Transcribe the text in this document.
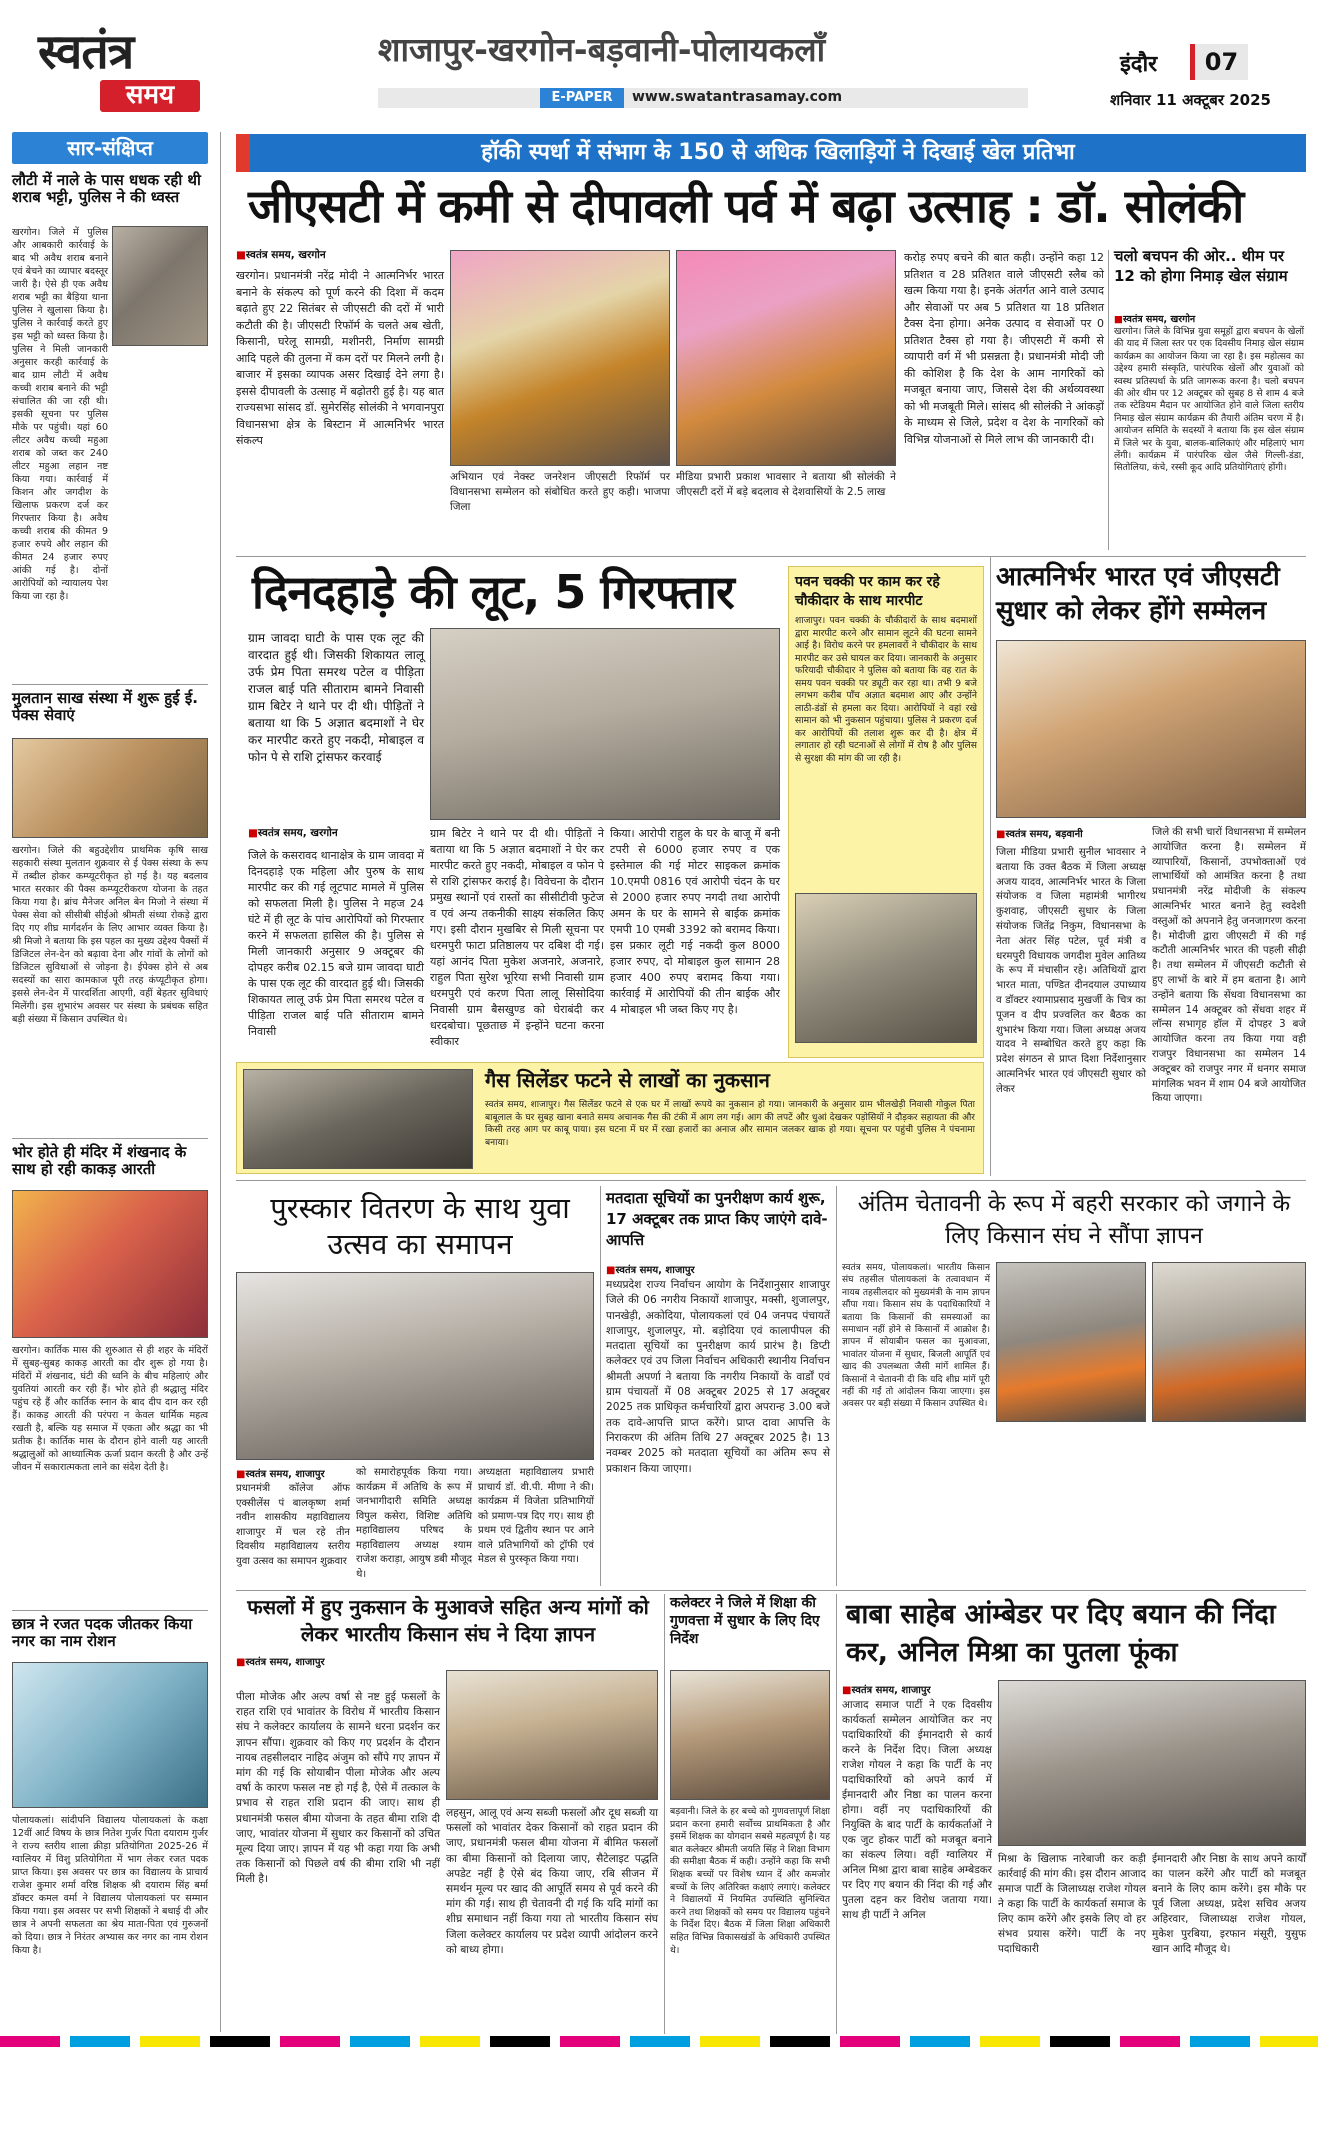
स्वतंत्र
समय
शाजापुर-खरगोन-बड़वानी-पोलायकलाँ
E-PAPER	www.swatantrasamay.com
इंदौर	07
शनिवार 11 अक्टूबर 2025
सार-संक्षिप्त
लौटी में नाले के पास धधक रही थी शराब भट्टी, पुलिस ने की ध्वस्त
खरगोन। जिले में पुलिस और आबकारी कार्रवाई के बाद भी अवैध शराब बनाने एवं बेचने का व्यापार बदस्तूर जारी है। ऐसे ही एक अवैध शराब भट्टी का बैड़िया थाना पुलिस ने खुलासा किया है। पुलिस ने कार्रवाई करते हुए इस भट्टी को ध्वस्त किया है। पुलिस ने मिली जानकारी अनुसार करही कार्रवाई के बाद ग्राम लौटी में अवैध कच्ची शराब बनाने की भट्टी संचालित की जा रही थी। इसकी सूचना पर पुलिस मौके पर पहुंची। यहां 60 लीटर अवैध कच्ची महुआ शराब को जब्त कर 240 लीटर महुआ लहान नष्ट किया गया। कार्रवाई में किशन और जगदीश के खिलाफ प्रकरण दर्ज कर गिरफ्तार किया है। अवैध कच्ची शराब की कीमत 9 हजार रुपये और लहान की कीमत 24 हजार रुपए आंकी गई है। दोनों आरोपियों को न्यायालय पेश किया जा रहा है।
मुलतान साख संस्था में शुरू हुई ई. पेक्स सेवाएं
खरगोन। जिले की बहुउद्देशीय प्राथमिक कृषि साख सहकारी संस्था मुलतान शुक्रवार से ई पेक्स संस्था के रूप में तब्दील होकर कम्प्यूटरीकृत हो गई है। यह बदलाव भारत सरकार की पैक्स कम्प्यूटरीकरण योजना के तहत किया गया है। ब्रांच मैनेजर अनिल बेन मिजो ने संस्था में पेक्स सेवा को सीसीबी सीईओ श्रीमती संध्या रोकड़े द्वारा दिए गए शीघ्र मार्गदर्शन के लिए आभार व्यक्त किया है। श्री मिजो ने बताया कि इस पहल का मुख्य उद्देश्य पैक्सों में डिजिटल लेन-देन को बढ़ावा देना और गांवों के लोगों को डिजिटल सुविधाओं से जोड़ना है। ईपेक्स होने से अब सदस्यों का सारा कामकाज पूरी तरह कंप्यूटीकृत होगा। इससे लेन-देन में पारदर्शिता आएगी, वहीं बेहतर सुविधाएं मिलेंगी। इस शुभारंभ अवसर पर संस्था के प्रबंधक सहित बड़ी संख्या में किसान उपस्थित थे।
भोर होते ही मंदिर में शंखनाद के साथ हो रही काकड़ आरती
खरगोन। कार्तिक मास की शुरुआत से ही शहर के मंदिरों में सुबह-सुबह काकड़ आरती का दौर शुरू हो गया है। मंदिरों में शंखनाद, घंटी की ध्वनि के बीच महिलाएं और युवतियां आरती कर रही हैं। भोर होते ही श्रद्धालु मंदिर पहुंच रहे हैं और कार्तिक स्नान के बाद दीप दान कर रही हैं। काकड़ आरती की परंपरा न केवल धार्मिक महत्व रखती है, बल्कि यह समाज में एकता और श्रद्धा का भी प्रतीक है। कार्तिक मास के दौरान होने वाली यह आरती श्रद्धालुओं को आध्यात्मिक ऊर्जा प्रदान करती है और उन्हें जीवन में सकारात्मकता लाने का संदेश देती है।
छात्र ने रजत पदक जीतकर किया नगर का नाम रोशन
पोलायकलां। सांदीपनि विद्यालय पोलायकलां के कक्षा 12वीं आर्ट विषय के छात्र नितेश गुर्जर पिता दयाराम गुर्जर ने राज्य स्तरीय शाला क्रीड़ा प्रतियोगिता 2025-26 में ग्वालियर में विशु प्रतियोगिता में भाग लेकर रजत पदक प्राप्त किया। इस अवसर पर छात्र का विद्यालय के प्राचार्य राजेश कुमार शर्मा वरिष्ठ शिक्षक श्री दयाराम सिंह बर्मा डॉक्टर कमल वर्मा ने विद्यालय पोलायकलां पर सम्मान किया गया। इस अवसर पर सभी शिक्षकों ने बधाई दी और छात्र ने अपनी सफलता का श्रेय माता-पिता एवं गुरुजनों को दिया। छात्र ने निरंतर अभ्यास कर नगर का नाम रोशन किया है।
हॉकी स्पर्धा में संभाग के 150 से अधिक खिलाड़ियों ने दिखाई खेल प्रतिभा
जीएसटी में कमी से दीपावली पर्व में बढ़ा उत्साह : डॉ. सोलंकी
■ स्वतंत्र समय, खरगोन
खरगोन। प्रधानमंत्री नरेंद्र मोदी ने आत्मनिर्भर भारत बनाने के संकल्प को पूर्ण करने की दिशा में कदम बढ़ाते हुए 22 सितंबर से जीएसटी की दरों में भारी कटौती की है। जीएसटी रिफॉर्म के चलते अब खेती, किसानी, घरेलू सामग्री, मशीनरी, निर्माण सामग्री आदि पहले की तुलना में कम दरों पर मिलने लगी है। बाजार में इसका व्यापक असर दिखाई देने लगा है। इससे दीपावली के उत्साह में बढ़ोतरी हुई है। यह बात राज्यसभा सांसद डॉ. सुमेरसिंह सोलंकी ने भगवानपुरा विधानसभा क्षेत्र के बिस्टान में आत्मनिर्भर भारत संकल्प
अभियान एवं नेक्स्ट जनरेशन जीएसटी रिफॉर्म पर विधानसभा सम्मेलन को संबोधित करते हुए कही। भाजपा जिला
मीडिया प्रभारी प्रकाश भावसार ने बताया श्री सोलंकी ने जीएसटी दरों में बड़े बदलाव से देशवासियों के 2.5 लाख
करोड़ रुपए बचने की बात कही। उन्होंने कहा 12 प्रतिशत व 28 प्रतिशत वाले जीएसटी स्लैब को खत्म किया गया है। इनके अंतर्गत आने वाले उत्पाद और सेवाओं पर अब 5 प्रतिशत या 18 प्रतिशत टैक्स देना होगा। अनेक उत्पाद व सेवाओं पर 0 प्रतिशत टैक्स हो गया है। जीएसटी में कमी से व्यापारी वर्ग में भी प्रसन्नता है। प्रधानमंत्री मोदी जी की कोशिश है कि देश के आम नागरिकों को मजबूत बनाया जाए, जिससे देश की अर्थव्यवस्था को भी मजबूती मिले। सांसद श्री सोलंकी ने आंकड़ों के माध्यम से जिले, प्रदेश व देश के नागरिकों को विभिन्न योजनाओं से मिले लाभ की जानकारी दी।
चलो बचपन की ओर.. थीम पर 12 को होगा निमाड़ खेल संग्राम
■ स्वतंत्र समय, खरगोन
खरगोन। जिले के विभिन्न युवा समूहों द्वारा बचपन के खेलों की याद में जिला स्तर पर एक दिवसीय निमाड़ खेल संग्राम कार्यक्रम का आयोजन किया जा रहा है। इस महोत्सव का उद्देश्य हमारी संस्कृति, पारंपरिक खेलों और युवाओं को स्वस्थ प्रतिस्पर्धा के प्रति जागरूक करना है। चलो बचपन की ओर थीम पर 12 अक्टूबर को सुबह 8 से शाम 4 बजे तक स्टेडियम मैदान पर आयोजित होने वाले जिला स्तरीय निमाड़ खेल संग्राम कार्यक्रम की तैयारी अंतिम चरण में है। आयोजन समिति के सदस्यों ने बताया कि इस खेल संग्राम में जिले भर के युवा, बालक-बालिकाएं और महिलाएं भाग लेंगी। कार्यक्रम में पारंपरिक खेल जैसे गिल्ली-डंडा, सितोलिया, कंचे, रस्सी कूद आदि प्रतियोगिताएं होंगी।
दिनदहाड़े की लूट, 5 गिरफ्तार
ग्राम जावदा घाटी के पास एक लूट की वारदात हुई थी। जिसकी शिकायत लालू उर्फ प्रेम पिता समरथ पटेल व पीड़िता राजल बाई पति सीताराम बामने निवासी ग्राम बिटेर ने थाने पर दी थी। पीड़ितों ने बताया था कि 5 अज्ञात बदमाशों ने घेर कर मारपीट करते हुए नकदी, मोबाइल व फोन पे से राशि ट्रांसफर करवाई
■ स्वतंत्र समय, खरगोन
जिले के कसरावद थानाक्षेत्र के ग्राम जावदा में दिनदहाड़े एक महिला और पुरुष के साथ मारपीट कर की गई लूटपाट मामले में पुलिस को सफलता मिली है। पुलिस ने महज 24 घंटे में ही लूट के पांच आरोपियों को गिरफ्तार करने में सफलता हासिल की है। पुलिस से मिली जानकारी अनुसार 9 अक्टूबर की दोपहर करीब 02.15 बजे ग्राम जावदा घाटी के पास एक लूट की वारदात हुई थी। जिसकी शिकायत लालू उर्फ प्रेम पिता समरथ पटेल व पीड़िता राजल बाई पति सीताराम बामने निवासी
ग्राम बिटेर ने थाने पर दी थी। पीड़ितों ने बताया था कि 5 अज्ञात बदमाशों ने घेर कर मारपीट करते हुए नकदी, मोबाइल व फोन पे से राशि ट्रांसफर कराई है। विवेचना के दौरान प्रमुख स्थानों एवं रास्तों का सीसीटीवी फुटेज व एवं अन्य तकनीकी साक्ष्य संकलित किए गए। इसी दौरान मुखबिर से मिली सूचना पर धरमपुरी फाटा प्रतिष्ठालय पर दबिश दी गई। यहां आनंद पिता मुकेश अजनारे, अजनारे, राहुल पिता सुरेश भूरिया सभी निवासी ग्राम धरमपुरी एवं करण पिता लालू सिसोदिया निवासी ग्राम बैसखुण्ड को घेराबंदी कर धरदबोचा। पूछताछ में इन्होंने घटना करना स्वीकार
किया। आरोपी राहुल के घर के बाजू में बनी टपरी से 6000 हजार रुपए व एक इस्तेमाल की गई मोटर साइकल क्रमांक 10.एमपी 0816 एवं आरोपी चंदन के घर से 2000 हजार रुपए नगदी तथा आरोपी अमन के घर के सामने से बाईक क्रमांक एमपी 10 एमबी 3392 को बरामद किया। इस प्रकार लूटी गई नकदी कुल 8000 हजार रुपए, दो मोबाइल कुल सामान 28 हजार 400 रुपए बरामद किया गया। कार्रवाई में आरोपियों की तीन बाईक और 4 मोबाइल भी जब्त किए गए है।
पवन चक्की पर काम कर रहे चौकीदार के साथ मारपीट
शाजापुर। पवन चक्की के चौकीदारों के साथ बदमाशों द्वारा मारपीट करने और सामान लूटने की घटना सामने आई है। विरोध करने पर हमलावरों ने चौकीदार के साथ मारपीट कर उसे घायल कर दिया। जानकारी के अनुसार फरियादी चौकीदार ने पुलिस को बताया कि वह रात के समय पवन चक्की पर ड्यूटी कर रहा था। तभी 9 बजे लगभग करीब पाँच अज्ञात बदमाश आए और उन्होंने लाठी-डंडों से हमला कर दिया। आरोपियों ने वहां रखे सामान को भी नुकसान पहुंचाया। पुलिस ने प्रकरण दर्ज कर आरोपियों की तलाश शुरू कर दी है। क्षेत्र में लगातार हो रही घटनाओं से लोगों में रोष है और पुलिस से सुरक्षा की मांग की जा रही है।
गैस सिलेंडर फटने से लाखों का नुकसान
स्वतंत्र समय, शाजापुर। गैस सिलेंडर फटने से एक घर में लाखों रूपये का नुकसान हो गया। जानकारी के अनुसार ग्राम भीलखेड़ी निवासी गोकुल पिता बाबूलाल के घर सुबह खाना बनाते समय अचानक गैस की टंकी में आग लग गई। आग की लपटें और धुआं देखकर पड़ोसियों ने दौड़कर सहायता की और किसी तरह आग पर काबू पाया। इस घटना में घर में रखा हजारों का अनाज और सामान जलकर खाक हो गया। सूचना पर पहुंची पुलिस ने पंचनामा बनाया।
आत्मनिर्भर भारत एवं जीएसटी सुधार को लेकर होंगे सम्मेलन
■ स्वतंत्र समय, बड़वानी
जिला मीडिया प्रभारी सुनील भावसार ने बताया कि उक्त बैठक में जिला अध्यक्ष अजय यादव, आत्मनिर्भर भारत के जिला संयोजक व जिला महामंत्री भागीरथ कुशवाह, जीएसटी सुधार के जिला संयोजक जितेंद्र निकुम, विधानसभा के नेता अंतर सिंह पटेल, पूर्व मंत्री व धरमपुरी विधायक जगदीश मुवेल आतिथ्य के रूप में मंचासीन रहे। अतिथियों द्वारा भारत माता, पण्डित दीनदयाल उपाध्याय व डॉक्टर श्यामाप्रसाद मुखर्जी के चित्र का पूजन व दीप प्रज्वलित कर बैठक का शुभारंभ किया गया। जिला अध्यक्ष अजय यादव ने सम्बोधित करते हुए कहा कि प्रदेश संगठन से प्राप्त दिशा निर्देशानुसार आत्मनिर्भर भारत एवं जीएसटी सुधार को लेकर
जिले की सभी चारों विधानसभा में सम्मेलन आयोजित करना है। सम्मेलन में व्यापारियों, किसानों, उपभोक्ताओं एवं लाभार्थियों को आमंत्रित करना है तथा प्रधानमंत्री नरेंद्र मोदीजी के संकल्प आत्मनिर्भर भारत बनाने हेतु स्वदेशी वस्तुओं को अपनाने हेतु जनजागरण करना है। मोदीजी द्वारा जीएसटी में की गई कटौती आत्मनिर्भर भारत की पहली सीढ़ी है। तथा सम्मेलन में जीएसटी कटौती से हुए लाभों के बारे में हम बताना है। आगे उन्होंने बताया कि सेंधवा विधानसभा का सम्मेलन 14 अक्टूबर को सेंधवा शहर में लॉन्स सभागृह हॉल में दोपहर 3 बजे आयोजित करना तय किया गया वही राजपुर विधानसभा का सम्मेलन 14 अक्टूबर को राजपुर नगर में धनगर समाज मांगलिक भवन में शाम 04 बजे आयोजित किया जाएगा।
पुरस्कार वितरण के साथ युवा उत्सव का समापन
■ स्वतंत्र समय, शाजापुर
प्रधानमंत्री कॉलेज ऑफ एक्सीलेंस पं बालकृष्ण शर्मा नवीन शासकीय महाविद्यालय शाजापुर में चल रहे तीन दिवसीय महाविद्यालय स्तरीय युवा उत्सव का समापन शुक्रवार
को समारोहपूर्वक किया गया। कार्यक्रम में अतिथि के रूप में जनभागीदारी समिति अध्यक्ष विपुल कसेरा, विशिष्ट अतिथि महाविद्यालय परिषद के महाविद्यालय अध्यक्ष श्याम राजेश कराड़ा, आयुष डबी मौजूद थे।
अध्यक्षता महाविद्यालय प्रभारी प्राचार्य डॉ. वी.पी. मीणा ने की। कार्यक्रम में विजेता प्रतिभागियों को प्रमाण-पत्र दिए गए। साथ ही प्रथम एवं द्वितीय स्थान पर आने वाले प्रतिभागियों को ट्रॉफी एवं मेडल से पुरस्कृत किया गया।
मतदाता सूचियों का पुनरीक्षण कार्य शुरू, 17 अक्टूबर तक प्राप्त किए जाएंगे दावे-आपत्ति
■ स्वतंत्र समय, शाजापुर
मध्यप्रदेश राज्य निर्वाचन आयोग के निर्देशानुसार शाजापुर जिले की 06 नगरीय निकायों शाजापुर, मक्सी, शुजालपुर, पानखेड़ी, अकोदिया, पोलायकलां एवं 04 जनपद पंचायतें शाजापुर, शुजालपुर, मो. बड़ोदिया एवं कालापीपल की मतदाता सूचियों का पुनरीक्षण कार्य प्रारंभ है। डिप्टी कलेक्टर एवं उप जिला निर्वाचन अधिकारी स्थानीय निर्वाचन श्रीमती अपर्णा ने बताया कि नगरीय निकायों के वार्डों एवं ग्राम पंचायतों में 08 अक्टूबर 2025 से 17 अक्टूबर 2025 तक प्राधिकृत कर्मचारियों द्वारा अपरान्ह 3.00 बजे तक दावे-आपत्ति प्राप्त करेंगे। प्राप्त दावा आपत्ति के निराकरण की अंतिम तिथि 27 अक्टूबर 2025 है। 13 नवम्बर 2025 को मतदाता सूचियों का अंतिम रूप से प्रकाशन किया जाएगा।
अंतिम चेतावनी के रूप में बहरी सरकार को जगाने के लिए किसान संघ ने सौंपा ज्ञापन
स्वतंत्र समय, पोलायकलां। भारतीय किसान संघ तहसील पोलायकलां के तत्वावधान में नायब तहसीलदार को मुख्यमंत्री के नाम ज्ञापन सौंपा गया। किसान संघ के पदाधिकारियों ने बताया कि किसानों की समस्याओं का समाधान नहीं होने से किसानों में आक्रोश है। ज्ञापन में सोयाबीन फसल का मुआवजा, भावांतर योजना में सुधार, बिजली आपूर्ति एवं खाद की उपलब्धता जैसी मांगें शामिल हैं। किसानों ने चेतावनी दी कि यदि शीघ्र मांगें पूरी नहीं की गईं तो आंदोलन किया जाएगा। इस अवसर पर बड़ी संख्या में किसान उपस्थित थे।
फसलों में हुए नुकसान के मुआवजे सहित अन्य मांगों को लेकर भारतीय किसान संघ ने दिया ज्ञापन
■ स्वतंत्र समय, शाजापुर
पीला मोजेक और अल्प वर्षा से नष्ट हुई फसलों के राहत राशि एवं भावांतर के विरोध में भारतीय किसान संघ ने कलेक्टर कार्यालय के सामने धरना प्रदर्शन कर ज्ञापन सौंपा। शुक्रवार को किए गए प्रदर्शन के दौरान नायब तहसीलदार नाहिद अंजुम को सौंपे गए ज्ञापन में मांग की गई कि सोयाबीन पीला मोजेक और अल्प वर्षा के कारण फसल नष्ट हो गई है, ऐसे में तत्काल के प्रभाव से राहत राशि प्रदान की जाए। साथ ही प्रधानमंत्री फसल बीमा योजना के तहत बीमा राशि दी जाए, भावांतर योजना में सुधार कर किसानों को उचित मूल्य दिया जाए। ज्ञापन में यह भी कहा गया कि अभी तक किसानों को पिछले वर्ष की बीमा राशि भी नहीं मिली है।
लहसुन, आलू एवं अन्य सब्जी फसलों और दूध सब्जी या फसलों को भावांतर देकर किसानों को राहत प्रदान की जाए, प्रधानमंत्री फसल बीमा योजना में बीमित फसलों का बीमा किसानों को दिलाया जाए, सैटेलाइट पद्धति अपडेट नहीं है ऐसे बंद किया जाए, रबि सीजन में समर्थन मूल्य पर खाद की आपूर्ति समय से पूर्व करने की मांग की गई। साथ ही चेतावनी दी गई कि यदि मांगों का शीघ्र समाधान नहीं किया गया तो भारतीय किसान संघ जिला कलेक्टर कार्यालय पर प्रदेश व्यापी आंदोलन करने को बाध्य होगा।
कलेक्टर ने जिले में शिक्षा की गुणवत्ता में सुधार के लिए दिए निर्देश
बड़वानी। जिले के हर बच्चे को गुणवत्तापूर्ण शिक्षा प्रदान करना हमारी सर्वोच्च प्राथमिकता है और इसमें शिक्षक का योगदान सबसे महत्वपूर्ण है। यह बात कलेक्टर श्रीमती जयति सिंह ने शिक्षा विभाग की समीक्षा बैठक में कही। उन्होंने कहा कि सभी शिक्षक बच्चों पर विशेष ध्यान दें और कमजोर बच्चों के लिए अतिरिक्त कक्षाएं लगाएं। कलेक्टर ने विद्यालयों में नियमित उपस्थिति सुनिश्चित करने तथा शिक्षकों को समय पर विद्यालय पहुंचने के निर्देश दिए। बैठक में जिला शिक्षा अधिकारी सहित विभिन्न विकासखंडों के अधिकारी उपस्थित थे।
बाबा साहेब आंम्बेडर पर दिए बयान की निंदा कर, अनिल मिश्रा का पुतला फूंका
■ स्वतंत्र समय, शाजापुर
आजाद समाज पार्टी ने एक दिवसीय कार्यकर्ता सम्मेलन आयोजित कर नए पदाधिकारियों की ईमानदारी से कार्य करने के निर्देश दिए। जिला अध्यक्ष राजेश गोयल ने कहा कि पार्टी के नए पदाधिकारियों को अपने कार्य में ईमानदारी और निष्ठा का पालन करना होगा। वहीं नए पदाधिकारियों की नियुक्ति के बाद पार्टी के कार्यकर्ताओं ने एक जुट होकर पार्टी को मजबूत बनाने का संकल्प लिया। वहीं ग्वालियर में अनिल मिश्रा द्वारा बाबा साहेब अम्बेडकर पर दिए गए बयान की निंदा की गई और पुतला दहन कर विरोध जताया गया। साथ ही पार्टी ने अनिल
मिश्रा के खिलाफ नारेबाजी कर कड़ी कार्रवाई की मांग की। इस दौरान आजाद समाज पार्टी के जिलाध्यक्ष राजेश गोयल ने कहा कि पार्टी के कार्यकर्ता समाज के लिए काम करेंगे और इसके लिए वो हर संभव प्रयास करेंगे। पार्टी के नए पदाधिकारी
ईमानदारी और निष्ठा के साथ अपने कार्यों का पालन करेंगे और पार्टी को मजबूत बनाने के लिए काम करेंगे। इस मौके पर पूर्व जिला अध्यक्ष, प्रदेश सचिव अजय अहिरवार, जिलाध्यक्ष राजेश गोयल, मुकेश पुरबिया, इरफान मंसूरी, युसुफ खान आदि मौजूद थे।
